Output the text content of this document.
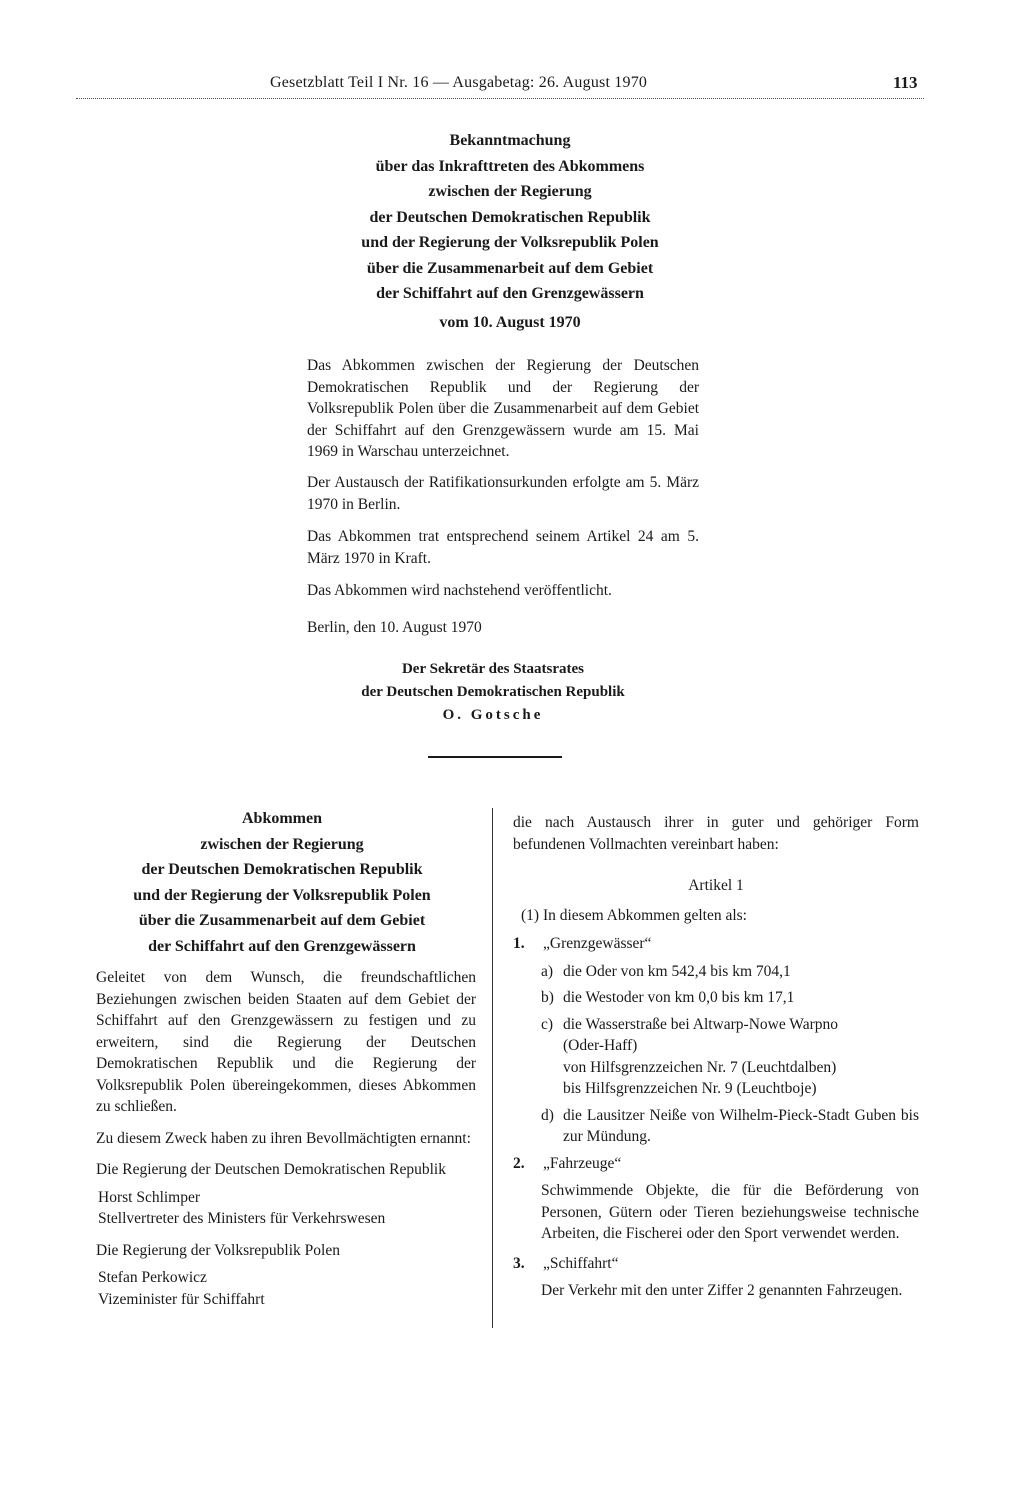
Gesetzblatt Teil I Nr. 16 — Ausgabetag: 26. August 1970	113
Bekanntmachung
über das Inkrafttreten des Abkommens
zwischen der Regierung
der Deutschen Demokratischen Republik
und der Regierung der Volksrepublik Polen
über die Zusammenarbeit auf dem Gebiet
der Schiffahrt auf den Grenzgewässern
vom 10. August 1970
Das Abkommen zwischen der Regierung der Deutschen Demokratischen Republik und der Regierung der Volksrepublik Polen über die Zusammenarbeit auf dem Gebiet der Schiffahrt auf den Grenzgewässern wurde am 15. Mai 1969 in Warschau unterzeichnet.
Der Austausch der Ratifikationsurkunden erfolgte am 5. März 1970 in Berlin.
Das Abkommen trat entsprechend seinem Artikel 24 am 5. März 1970 in Kraft.
Das Abkommen wird nachstehend veröffentlicht.
Berlin, den 10. August 1970
Der Sekretär des Staatsrates
der Deutschen Demokratischen Republik
O. Gotsche
Abkommen
zwischen der Regierung
der Deutschen Demokratischen Republik
und der Regierung der Volksrepublik Polen
über die Zusammenarbeit auf dem Gebiet
der Schiffahrt auf den Grenzgewässern

Geleitet von dem Wunsch, die freundschaftlichen Beziehungen zwischen beiden Staaten auf dem Gebiet der Schiffahrt auf den Grenzgewässern zu festigen und zu erweitern, sind die Regierung der Deutschen Demokratischen Republik und die Regierung der Volksrepublik Polen übereingekommen, dieses Abkommen zu schließen.

Zu diesem Zweck haben zu ihren Bevollmächtigten ernannt:

Die Regierung der Deutschen Demokratischen Republik

Horst Schlimper
Stellvertreter des Ministers für Verkehrswesen

Die Regierung der Volksrepublik Polen

Stefan Perkowicz
Vizeminister für Schiffahrt

die nach Austausch ihrer in guter und gehöriger Form befundenen Vollmachten vereinbart haben:

Artikel 1
(1) In diesem Abkommen gelten als:
1.	„Grenzgewässer“
a) die Oder von km 542,4 bis km 704,1
b) die Westoder von km 0,0 bis km 17,1
c) die Wasserstraße bei Altwarp-Nowe Warpno
(Oder-Haff)
von Hilfsgrenzzeichen Nr. 7 (Leuchtdalben)
bis Hilfsgrenzzeichen Nr. 9 (Leuchtboje)
d) die Lausitzer Neiße von Wilhelm-Pieck-Stadt Guben bis zur Mündung.
2.	„Fahrzeuge“
Schwimmende Objekte, die für die Beförderung von Personen, Gütern oder Tieren beziehungsweise technische Arbeiten, die Fischerei oder den Sport verwendet werden.
3.	„Schiffahrt“
Der Verkehr mit den unter Ziffer 2 genannten Fahrzeugen.
